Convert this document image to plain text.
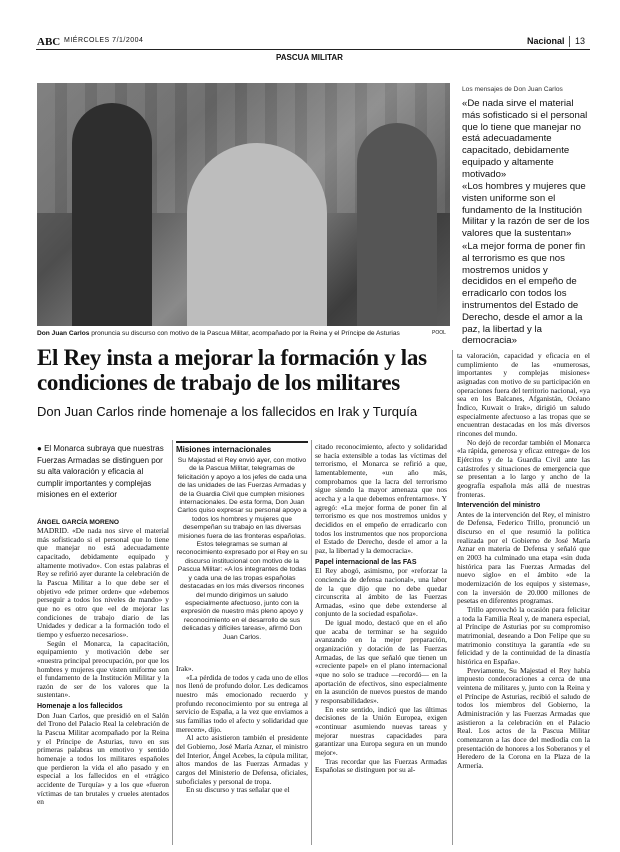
ABC MIÉRCOLES 7/1/2004	Nacional 13
PASCUA MILITAR
Don Juan Carlos pronuncia su discurso con motivo de la Pascua Militar, acompañado por la Reina y el Príncipe de Asturias	POOL
Los mensajes de Don Juan Carlos
«De nada sirve el material más sofisticado si el personal que lo tiene que manejar no está adecuadamente capacitado, debidamente equipado y altamente motivado»
«Los hombres y mujeres que visten uniforme son el fundamento de la Institución Militar y la razón de ser de los valores que la sustentan»
«La mejor forma de poner fin al terrorismo es que nos mostremos unidos y decididos en el empeño de erradicarlo con todos los instrumentos del Estado de Derecho, desde el amor a la paz, la libertad y la democracia»
El Rey insta a mejorar la formación y las condiciones de trabajo de los militares
Don Juan Carlos rinde homenaje a los fallecidos en Irak y Turquía
● El Monarca subraya que nuestras Fuerzas Armadas se distinguen por su alta valoración y eficacia al cumplir importantes y complejas misiones en el exterior
ÁNGEL GARCÍA MORENO

MADRID. «De nada nos sirve el material más sofisticado si el personal que lo tiene que manejar no está adecuadamente capacitado, debidamente equipado y altamente motivado». Con estas palabras el Rey se refirió ayer durante la celebración de la Pascua Militar a lo que debe ser el objetivo «de primer orden» que «debemos perseguir a todos los niveles de mando» y que no es otro que «el de mejorar las condiciones de trabajo diario de las Unidades y dedicar a la formación todo el tiempo y esfuerzo necesarios».

Según el Monarca, la capacitación, equipamiento y motivación debe ser «nuestra principal preocupación, por que los hombres y mujeres que visten uniforme son el fundamento de la Institución Militar y la razón de ser de los valores que la sustentan».

Homenaje a los fallecidos

Don Juan Carlos, que presidió en el Salón del Trono del Palacio Real la celebración de la Pascua Militar acompañado por la Reina y el Príncipe de Asturias, tuvo en sus primeras palabras un emotivo y sentido homenaje a todos los militares españoles que perdieron la vida el año pasado y en especial a los fallecidos en el «trágico accidente de Turquía» y a los que «fueron víctimas de tan brutales y crueles atentados en

Misiones internacionales
Su Majestad el Rey envió ayer, con motivo de la Pascua Militar, telegramas de felicitación y apoyo a los jefes de cada una de las unidades de las Fuerzas Armadas y de la Guardia Civil que cumplen misiones internacionales. De esta forma, Don Juan Carlos quiso expresar su personal apoyo a todos los hombres y mujeres que desempeñan su trabajo en las diversas misiones fuera de las fronteras españolas. Estos telegramas se suman al reconocimiento expresado por el Rey en su discurso institucional con motivo de la Pascua Militar: «A los integrantes de todas y cada una de las tropas españolas destacadas en los más diversos rincones del mundo dirigimos un saludo especialmente afectuoso, junto con la expresión de nuestro más pleno apoyo y reconocimiento en el desarrollo de sus delicadas y difíciles tareas», afirmó Don Juan Carlos.

Irak».

«La pérdida de todos y cada uno de ellos nos llenó de profundo dolor. Les dedicamos nuestro más emocionado recuerdo y profundo reconocimiento por su entrega al servicio de España, a la vez que enviamos a sus familias todo el afecto y solidaridad que merecen», dijo.

Al acto asistieron también el presidente del Gobierno, José María Aznar, el ministro del Interior, Ángel Acebes, la cúpula militar, altos mandos de las Fuerzas Armadas y cargos del Ministerio de Defensa, oficiales, suboficiales y personal de tropa.

En su discurso y tras señalar que el

citado reconocimiento, afecto y solidaridad se hacía extensible a todas las víctimas del terrorismo, el Monarca se refirió a que, lamentablemente, «un año más, comprobamos que la lacra del terrorismo sigue siendo la mayor amenaza que nos acecha y a la que debemos enfrentarnos». Y agregó: «La mejor forma de poner fin al terrorismo es que nos mostremos unidos y decididos en el empeño de erradicarlo con todos los instrumentos que nos proporciona el Estado de Derecho, desde el amor a la paz, la libertad y la democracia».

Papel internacional de las FAS

El Rey abogó, asimismo, por «reforzar la conciencia de defensa nacional», una labor de la que dijo que no debe quedar circunscrita al ámbito de las Fuerzas Armadas, «sino que debe extenderse al conjunto de la sociedad española».

De igual modo, destacó que en el año que acaba de terminar se ha seguido avanzando en la mejor preparación, organización y dotación de las Fuerzas Armadas, de las que señaló que tienen un «creciente papel» en el plano internacional «que no solo se traduce —recordó— en la aportación de efectivos, sino especialmente en la asunción de nuevos puestos de mando y responsabilidades».

En este sentido, indicó que las últimas decisiones de la Unión Europea, exigen «continuar asumiendo nuevas tareas y mejorar nuestras capacidades para garantizar una Europa segura en un mundo mejor».

Tras recordar que las Fuerzas Armadas Españolas se distinguen por su al-

ta valoración, capacidad y eficacia en el cumplimiento de las «numerosas, importantes y complejas misiones» asignadas con motivo de su participación en operaciones fuera del territorio nacional, «ya sea en los Balcanes, Afganistán, Océano Índico, Kuwait o Irak», dirigió un saludo especialmente afectuoso a las tropas que se encuentran destacadas en los más diversos rincones del mundo.

No dejó de recordar también el Monarca «la rápida, generosa y eficaz entrega» de los Ejércitos y de la Guardia Civil ante las catástrofes y situaciones de emergencia que se presentan a lo largo y ancho de la geografía española más allá de nuestras fronteras.

Intervención del ministro

Antes de la intervención del Rey, el ministro de Defensa, Federico Trillo, pronunció un discurso en el que resumió la política realizada por el Gobierno de José María Aznar en materia de Defensa y señaló que en 2003 ha culminado una etapa «sin duda histórica para las Fuerzas Armadas del nuevo siglo» en el ámbito «de la modernización de los equipos y sistemas», con la inversión de 20.000 millones de pesetas en diferentes programas.

Trillo aprovechó la ocasión para felicitar a toda la Familia Real y, de manera especial, al Príncipe de Asturias por su compromiso matrimonial, deseando a Don Felipe que su matrimonio constituya la garantía «de su felicidad y de la continuidad de la dinastía histórica en España».

Previamente, Su Majestad el Rey había impuesto condecoraciones a cerca de una veintena de militares y, junto con la Reina y el Príncipe de Asturias, recibió el saludo de todos los miembros del Gobierno, la Administración y las Fuerzas Armadas que asistieron a la celebración en el Palacio Real. Los actos de la Pascua Militar comenzaron a las doce del mediodía con la presentación de honores a los Soberanos y el Heredero de la Corona en la Plaza de la Armería.
